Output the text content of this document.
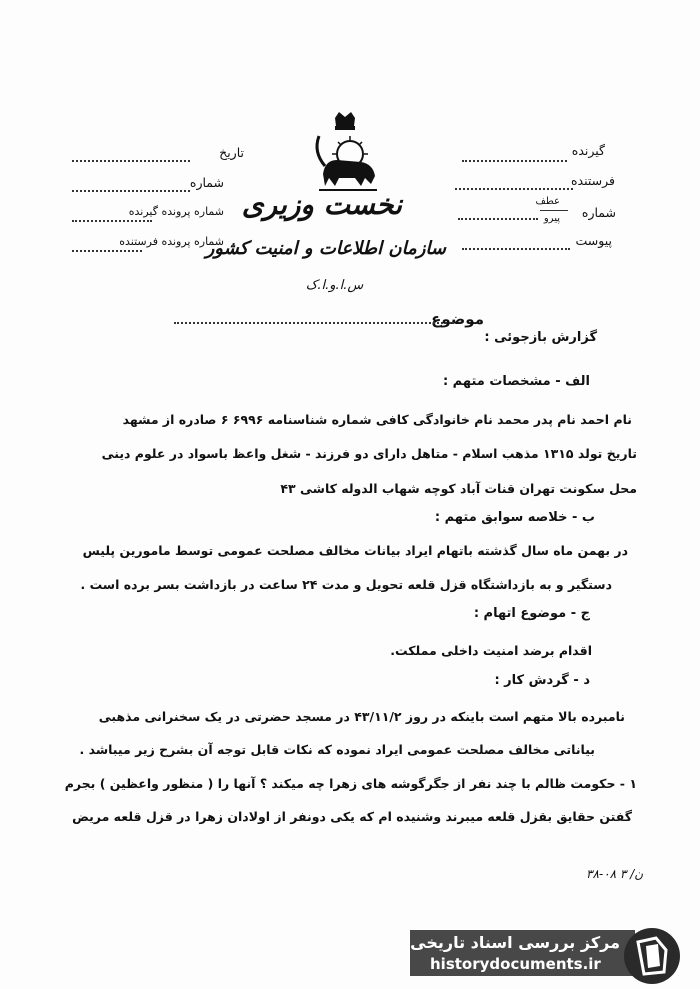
گیرنده
فرستنده
شماره
عطف
پیرو
پیوست
تاریخ
شماره
شماره پرونده گیرنده
شماره پرونده فرستنده
نخست وزیری
سازمان اطلاعات و امنیت کشور
س.ا.و.ا.ک
موضوع
گزارش بازجوئی :
الف - مشخصات متهم :
نام احمد نام پدر محمد نام خانوادگی کافی شماره شناسنامه ۶۹۹۶ ۶ صادره از مشهد
تاریخ تولد ۱۳۱۵ مذهب اسلام - متاهل دارای دو فرزند - شغل واعظ باسواد در علوم دینی
محل سکونت تهران قنات آباد کوچه شهاب الدوله کاشی ۴۳
ب - خلاصه سوابق متهم :
در بهمن ماه سال گذشته باتهام ایراد بیانات مخالف مصلحت عمومی توسط مامورین پلیس
دستگیر و به بازداشتگاه قزل قلعه تحویل و مدت ۲۴ ساعت در بازداشت بسر برده است .
ج - موضوع اتهام :
اقدام برضد امنیت داخلی مملکت.
د - گردش کار :
نامبرده بالا متهم است باینکه در روز ۴۳/۱۱/۲ در مسجد حضرتی در یک سخنرانی مذهبی
بیاناتی مخالف مصلحت عمومی ایراد نموده که نکات قابل توجه آن بشرح زیر میباشد .
۱ - حکومت ظالم با چند نفر از جگرگوشه های زهرا چه میکند ؟ آنها را ( منظور واعظین ) بجرم
گفتن حقایق بقزل قلعه میبرند وشنیده ام که یکی دونفر از اولادان زهرا در قزل قلعه مریض
۳۸-۰۸ ۳ /ن
مرکز بررسی اسناد تاریخی
historydocuments.ir
